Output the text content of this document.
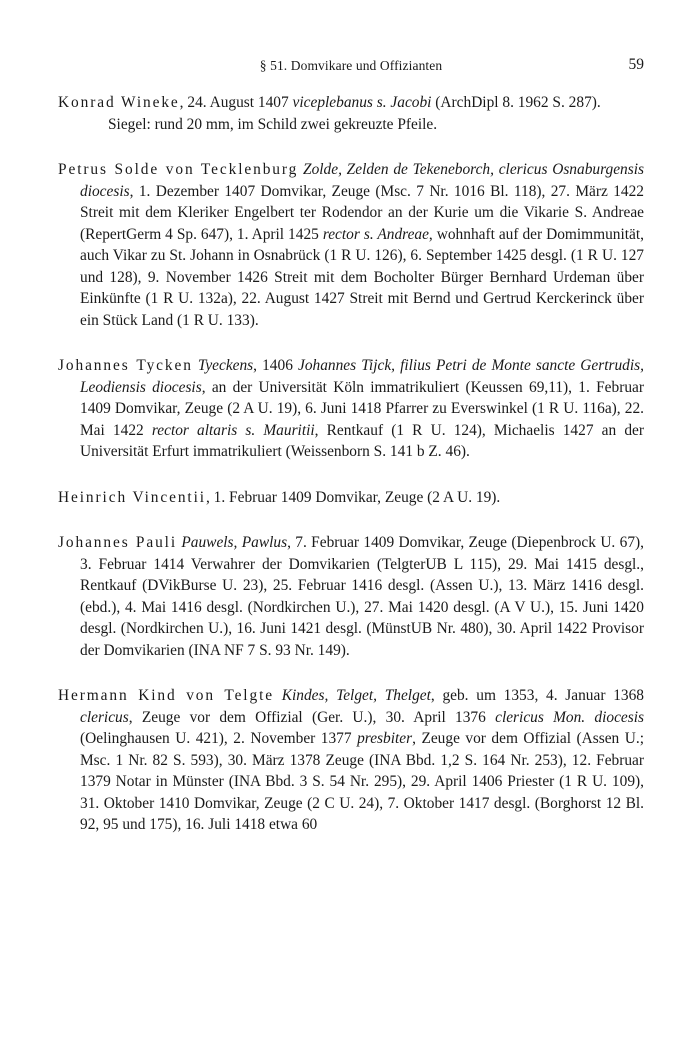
§ 51. Domvikare und Offizianten	59

Konrad Wineke, 24. August 1407 viceplebanus s. Jacobi (ArchDipl 8. 1962 S. 287).

Siegel: rund 20 mm, im Schild zwei gekreuzte Pfeile.

Petrus Solde von Tecklenburg Zolde, Zelden de Tekeneborch, clericus Osnaburgensis diocesis, 1. Dezember 1407 Domvikar, Zeuge (Msc. 7 Nr. 1016 Bl. 118), 27. März 1422 Streit mit dem Kleriker Engelbert ter Rodendor an der Kurie um die Vikarie S. Andreae (RepertGerm 4 Sp. 647), 1. April 1425 rector s. Andreae, wohnhaft auf der Domimmunität, auch Vikar zu St. Johann in Osnabrück (1 R U. 126), 6. September 1425 desgl. (1 R U. 127 und 128), 9. November 1426 Streit mit dem Bocholter Bürger Bernhard Urdeman über Einkünfte (1 R U. 132a), 22. August 1427 Streit mit Bernd und Gertrud Kerckerinck über ein Stück Land (1 R U. 133).

Johannes Tycken Tyeckens, 1406 Johannes Tijck, filius Petri de Monte sancte Gertrudis, Leodiensis diocesis, an der Universität Köln immatrikuliert (Keussen 69,11), 1. Februar 1409 Domvikar, Zeuge (2 A U. 19), 6. Juni 1418 Pfarrer zu Everswinkel (1 R U. 116a), 22. Mai 1422 rector altaris s. Mauritii, Rentkauf (1 R U. 124), Michaelis 1427 an der Universität Erfurt immatrikuliert (Weissenborn S. 141 b Z. 46).

Heinrich Vincentii, 1. Februar 1409 Domvikar, Zeuge (2 A U. 19).

Johannes Pauli Pauwels, Pawlus, 7. Februar 1409 Domvikar, Zeuge (Diepenbrock U. 67), 3. Februar 1414 Verwahrer der Domvikarien (TelgterUB L 115), 29. Mai 1415 desgl., Rentkauf (DVikBurse U. 23), 25. Februar 1416 desgl. (Assen U.), 13. März 1416 desgl. (ebd.), 4. Mai 1416 desgl. (Nordkirchen U.), 27. Mai 1420 desgl. (A V U.), 15. Juni 1420 desgl. (Nordkirchen U.), 16. Juni 1421 desgl. (MünstUB Nr. 480), 30. April 1422 Provisor der Domvikarien (INA NF 7 S. 93 Nr. 149).

Hermann Kind von Telgte Kindes, Telget, Thelget, geb. um 1353, 4. Januar 1368 clericus, Zeuge vor dem Offizial (Ger. U.), 30. April 1376 clericus Mon. diocesis (Oelinghausen U. 421), 2. November 1377 presbiter, Zeuge vor dem Offizial (Assen U.; Msc. 1 Nr. 82 S. 593), 30. März 1378 Zeuge (INA Bbd. 1,2 S. 164 Nr. 253), 12. Februar 1379 Notar in Münster (INA Bbd. 3 S. 54 Nr. 295), 29. April 1406 Priester (1 R U. 109), 31. Oktober 1410 Domvikar, Zeuge (2 C U. 24), 7. Oktober 1417 desgl. (Borghorst 12 Bl. 92, 95 und 175), 16. Juli 1418 etwa 60
